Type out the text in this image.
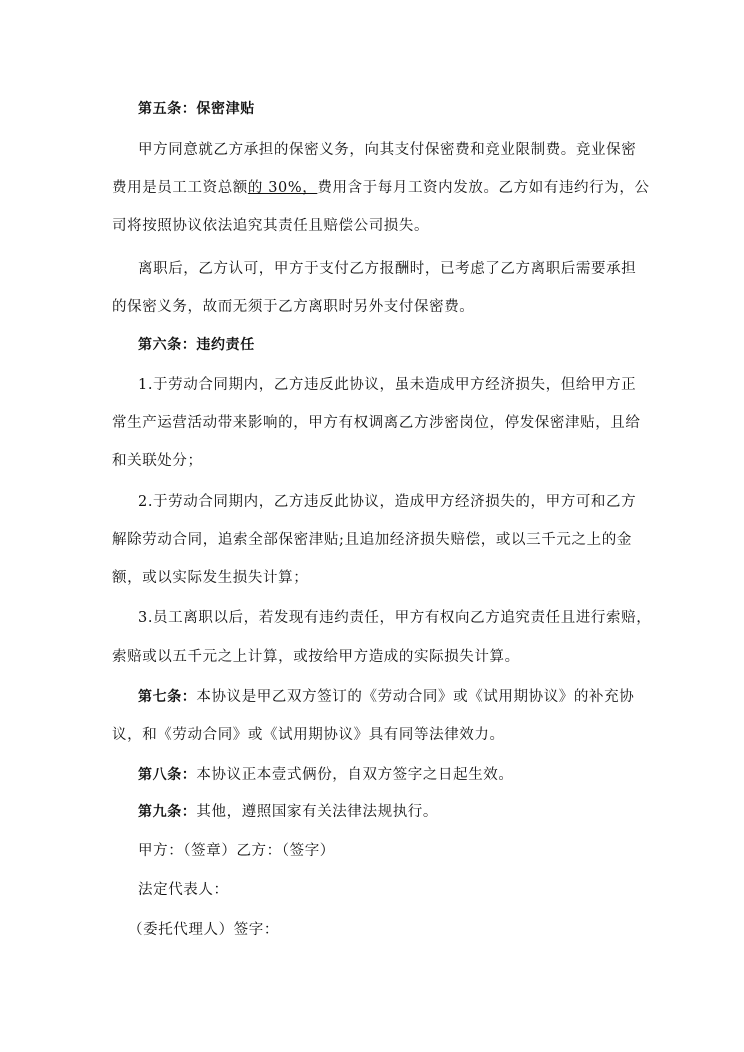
第五条：保密津贴
甲方同意就乙方承担的保密义务，向其支付保密费和竞业限制费。竞业保密
费用是员工工资总额的 30%，费用含于每月工资内发放。乙方如有违约行为，公
司将按照协议依法追究其责任且赔偿公司损失。
离职后，乙方认可，甲方于支付乙方报酬时，已考虑了乙方离职后需要承担
的保密义务，故而无须于乙方离职时另外支付保密费。
第六条：违约责任
1.于劳动合同期内，乙方违反此协议，虽未造成甲方经济损失，但给甲方正
常生产运营活动带来影响的，甲方有权调离乙方涉密岗位，停发保密津贴，且给
和关联处分；
2.于劳动合同期内，乙方违反此协议，造成甲方经济损失的，甲方可和乙方
解除劳动合同，追索全部保密津贴;且追加经济损失赔偿，或以三千元之上的金
额，或以实际发生损失计算；
3.员工离职以后，若发现有违约责任，甲方有权向乙方追究责任且进行索赔，
索赔或以五千元之上计算，或按给甲方造成的实际损失计算。
第七条：本协议是甲乙双方签订的《劳动合同》或《试用期协议》的补充协
议，和《劳动合同》或《试用期协议》具有同等法律效力。
第八条：本协议正本壹式俩份，自双方签字之日起生效。
第九条：其他，遵照国家有关法律法规执行。
甲方：（签章）乙方：（签字）
法定代表人：
（委托代理人）签字：
